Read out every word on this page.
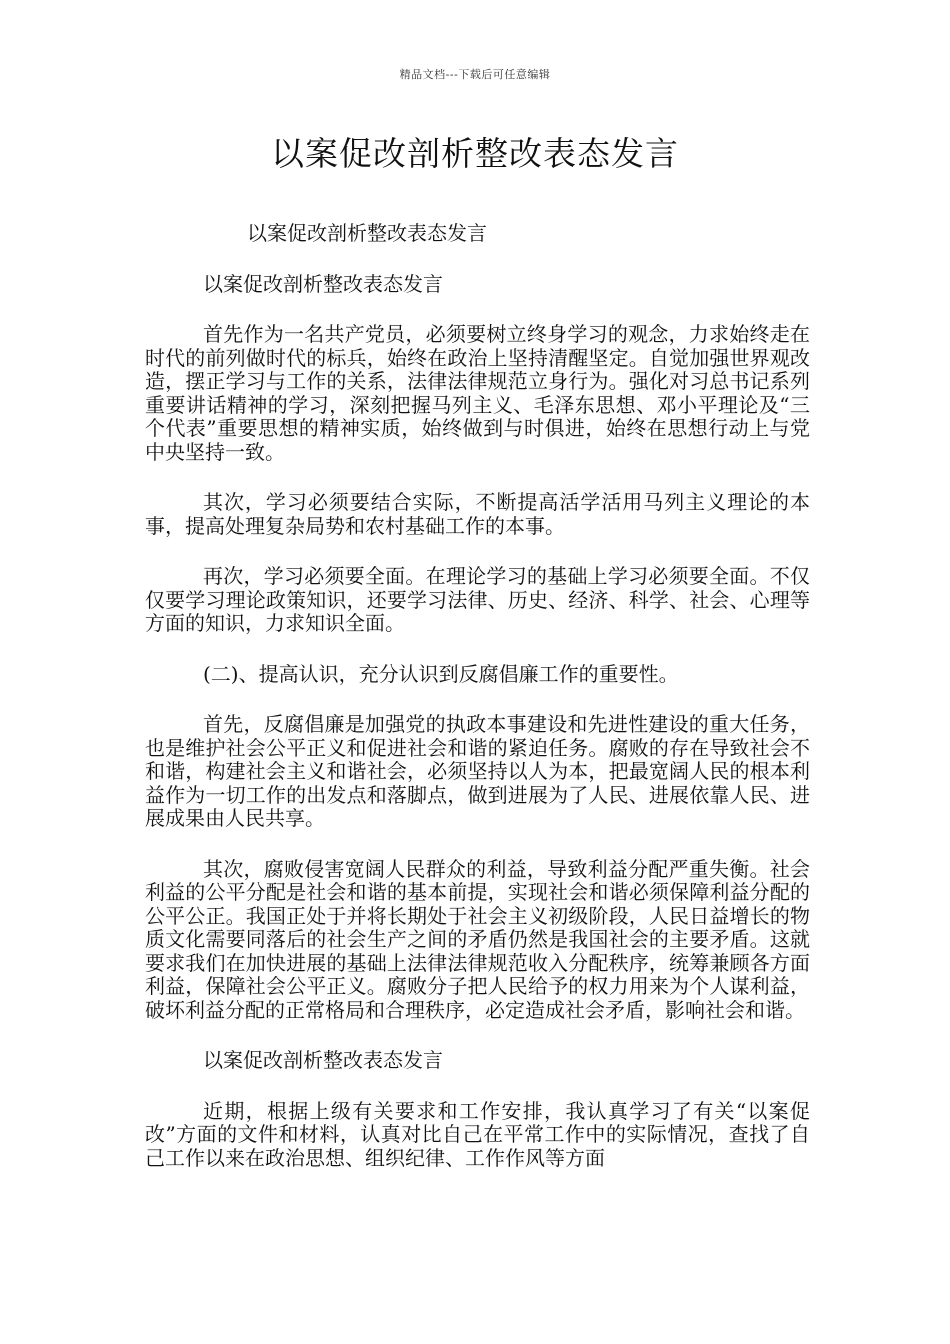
精品文档---下载后可任意编辑
以案促改剖析整改表态发言

以案促改剖析整改表态发言

以案促改剖析整改表态发言

首先作为一名共产党员，必须要树立终身学习的观念，力求始终走在时代的前列做时代的标兵，始终在政治上坚持清醒坚定。自觉加强世界观改造，摆正学习与工作的关系，法律法律规范立身行为。强化对习总书记系列重要讲话精神的学习，深刻把握马列主义、毛泽东思想、邓小平理论及“三个代表”重要思想的精神实质，始终做到与时俱进，始终在思想行动上与党中央坚持一致。

其次，学习必须要结合实际，不断提高活学活用马列主义理论的本事，提高处理复杂局势和农村基础工作的本事。

再次，学习必须要全面。在理论学习的基础上学习必须要全面。不仅仅要学习理论政策知识，还要学习法律、历史、经济、科学、社会、心理等方面的知识，力求知识全面。

(二)、提高认识，充分认识到反腐倡廉工作的重要性。

首先，反腐倡廉是加强党的执政本事建设和先进性建设的重大任务，也是维护社会公平正义和促进社会和谐的紧迫任务。腐败的存在导致社会不和谐，构建社会主义和谐社会，必须坚持以人为本，把最宽阔人民的根本利益作为一切工作的出发点和落脚点，做到进展为了人民、进展依靠人民、进展成果由人民共享。

其次，腐败侵害宽阔人民群众的利益，导致利益分配严重失衡。社会利益的公平分配是社会和谐的基本前提，实现社会和谐必须保障利益分配的公平公正。我国正处于并将长期处于社会主义初级阶段，人民日益增长的物质文化需要同落后的社会生产之间的矛盾仍然是我国社会的主要矛盾。这就要求我们在加快进展的基础上法律法律规范收入分配秩序，统筹兼顾各方面利益，保障社会公平正义。腐败分子把人民给予的权力用来为个人谋利益，破坏利益分配的正常格局和合理秩序，必定造成社会矛盾，影响社会和谐。

以案促改剖析整改表态发言

近期，根据上级有关要求和工作安排，我认真学习了有关“以案促改”方面的文件和材料，认真对比自己在平常工作中的实际情况，查找了自己工作以来在政治思想、组织纪律、工作作风等方面
